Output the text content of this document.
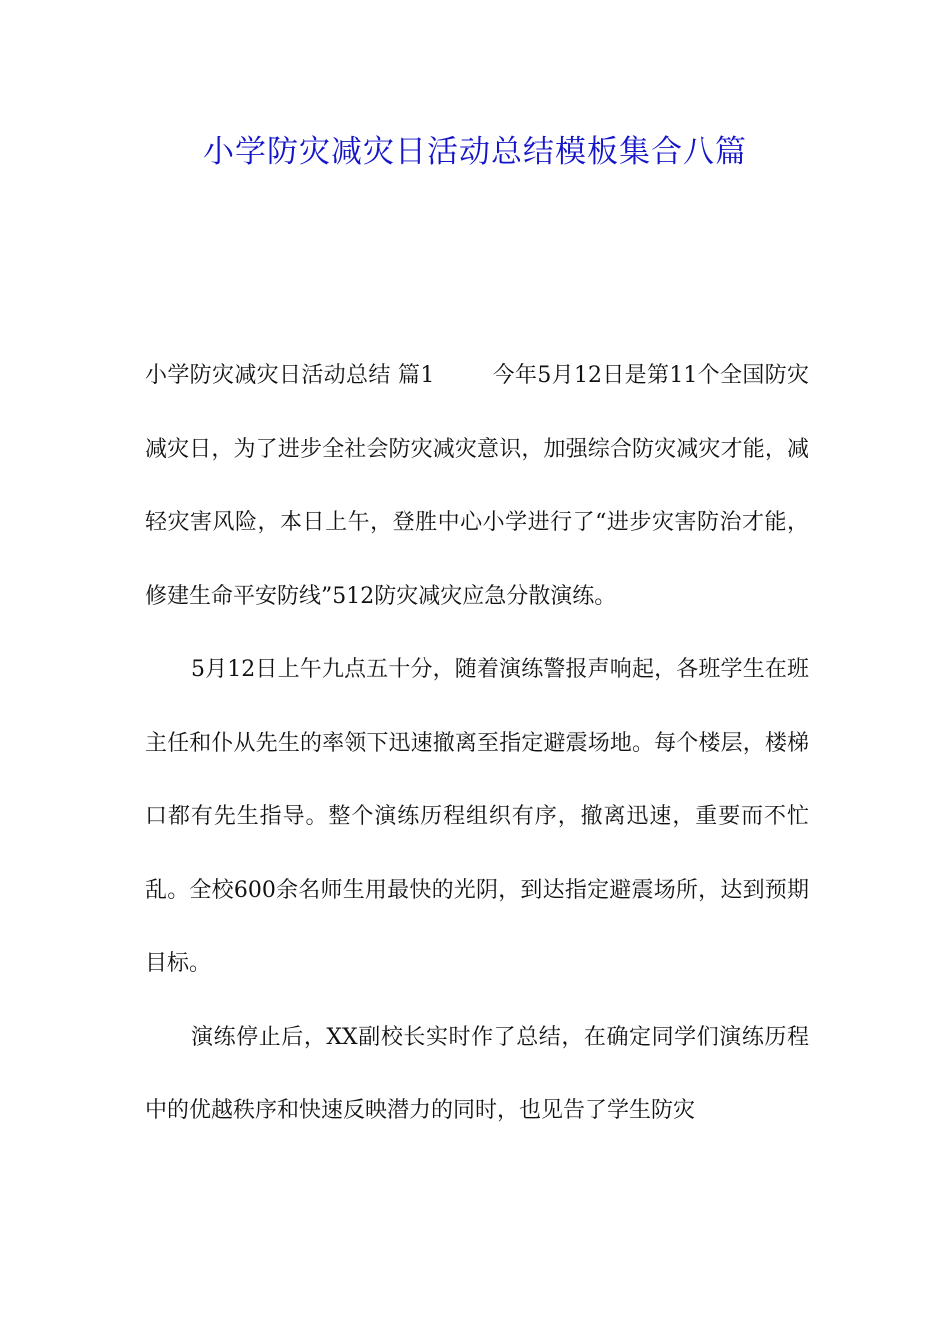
小学防灾减灾日活动总结模板集合八篇

小学防灾减灾日活动总结 篇1	今年5月12日是第11个全国防灾减灾日，为了进步全社会防灾减灾意识，加强综合防灾减灾才能，减轻灾害风险，本日上午，登胜中心小学进行了“进步灾害防治才能，修建生命平安防线”512防灾减灾应急分散演练。

5月12日上午九点五十分，随着演练警报声响起，各班学生在班主任和仆从先生的率领下迅速撤离至指定避震场地。每个楼层，楼梯口都有先生指导。整个演练历程组织有序，撤离迅速，重要而不忙乱。全校600余名师生用最快的光阴，到达指定避震场所，达到预期目标。

演练停止后，XX副校长实时作了总结，在确定同学们演练历程中的优越秩序和快速反映潜力的同时，也见告了学生防灾
